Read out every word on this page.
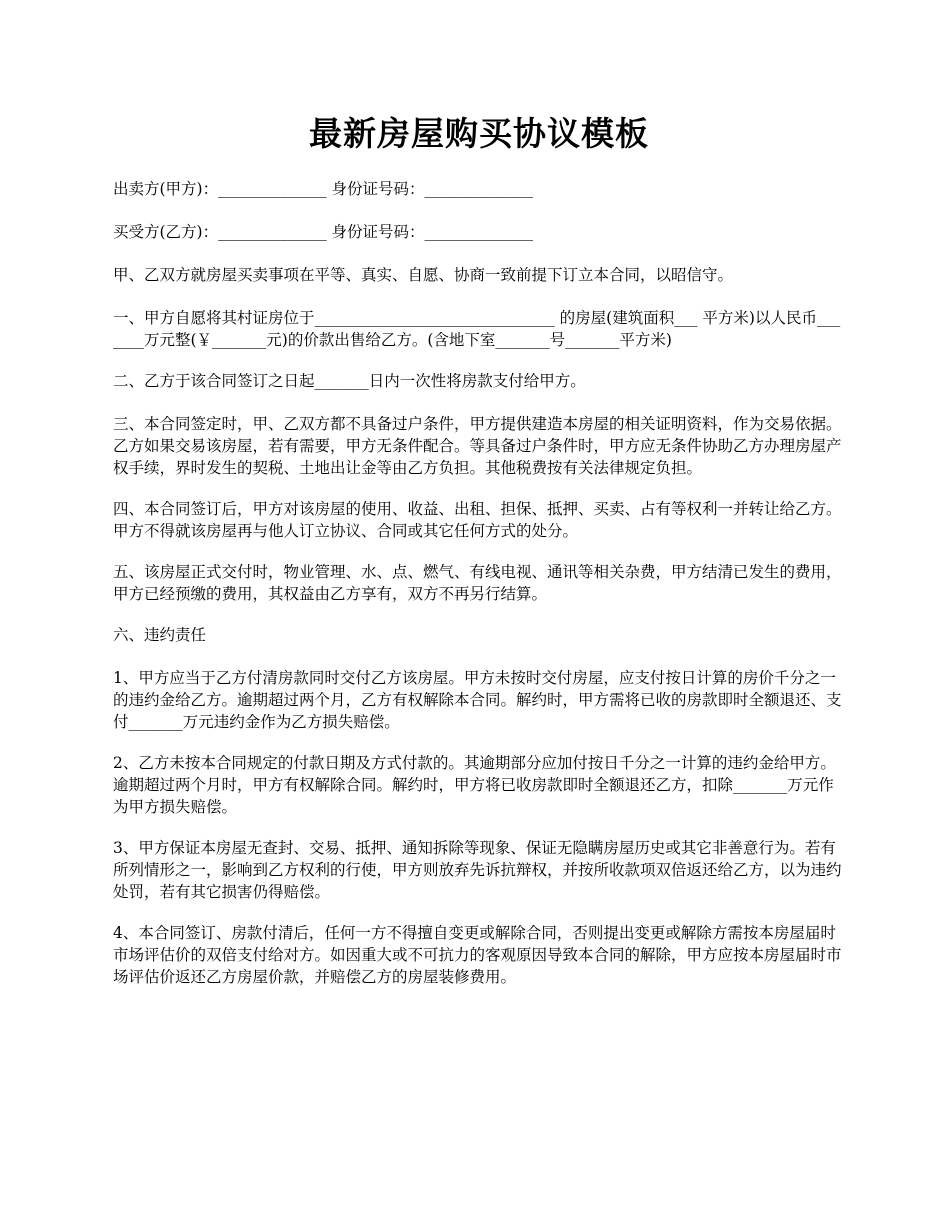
最新房屋购买协议模板

出卖方(甲方)：______________ 身份证号码：______________

买受方(乙方)：______________ 身份证号码：______________

甲、乙双方就房屋买卖事项在平等、真实、自愿、协商一致前提下订立本合同，以昭信守。

一、甲方自愿将其村证房位于_______________________________ 的房屋(建筑面积___ 平方米)以人民币_______万元整(￥_______元)的价款出售给乙方。(含地下室_______号_______平方米)

二、乙方于该合同签订之日起_______日内一次性将房款支付给甲方。

三、本合同签定时，甲、乙双方都不具备过户条件，甲方提供建造本房屋的相关证明资料，作为交易依据。乙方如果交易该房屋，若有需要，甲方无条件配合。等具备过户条件时，甲方应无条件协助乙方办理房屋产权手续，界时发生的契税、土地出让金等由乙方负担。其他税费按有关法律规定负担。

四、本合同签订后，甲方对该房屋的使用、收益、出租、担保、抵押、买卖、占有等权利一并转让给乙方。甲方不得就该房屋再与他人订立协议、合同或其它任何方式的处分。

五、该房屋正式交付时，物业管理、水、点、燃气、有线电视、通讯等相关杂费，甲方结清已发生的费用，甲方已经预缴的费用，其权益由乙方享有，双方不再另行结算。

六、违约责任

1、甲方应当于乙方付清房款同时交付乙方该房屋。甲方未按时交付房屋，应支付按日计算的房价千分之一的违约金给乙方。逾期超过两个月，乙方有权解除本合同。解约时，甲方需将已收的房款即时全额退还、支付_______万元违约金作为乙方损失赔偿。

2、乙方未按本合同规定的付款日期及方式付款的。其逾期部分应加付按日千分之一计算的违约金给甲方。逾期超过两个月时，甲方有权解除合同。解约时，甲方将已收房款即时全额退还乙方，扣除_______万元作为甲方损失赔偿。

3、甲方保证本房屋无查封、交易、抵押、通知拆除等现象、保证无隐瞒房屋历史或其它非善意行为。若有所列情形之一，影响到乙方权利的行使，甲方则放弃先诉抗辩权，并按所收款项双倍返还给乙方，以为违约处罚，若有其它损害仍得赔偿。

4、本合同签订、房款付清后，任何一方不得擅自变更或解除合同，否则提出变更或解除方需按本房屋届时市场评估价的双倍支付给对方。如因重大或不可抗力的客观原因导致本合同的解除，甲方应按本房屋届时市场评估价返还乙方房屋价款，并赔偿乙方的房屋装修费用。
